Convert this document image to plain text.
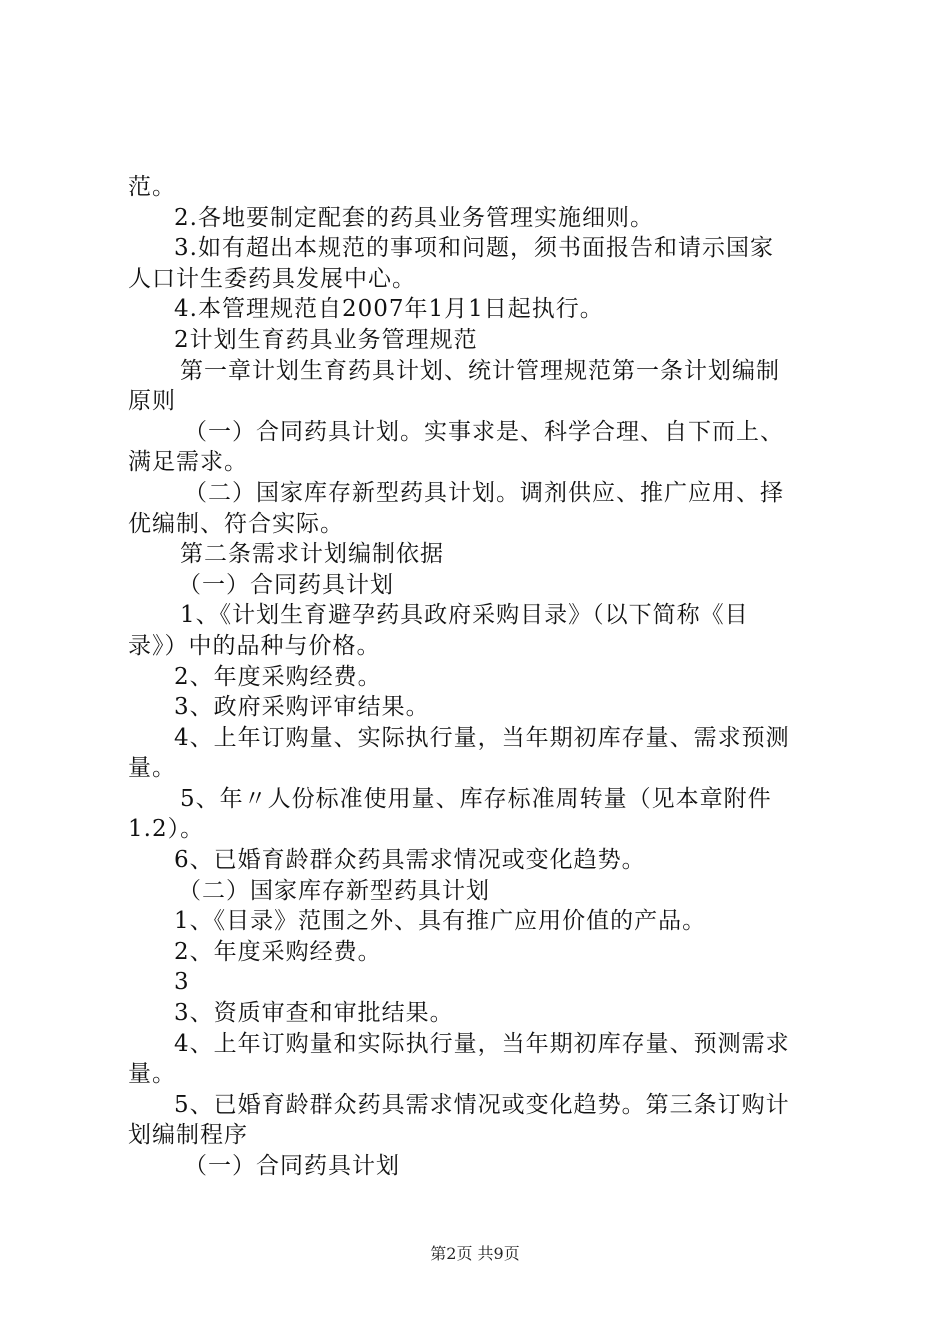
范。
2.各地要制定配套的药具业务管理实施细则。
3.如有超出本规范的事项和问题，须书面报告和请示国家
人口计生委药具发展中心。
4.本管理规范自2007年1月1日起执行。
2计划生育药具业务管理规范
第一章计划生育药具计划、统计管理规范第一条计划编制
原则
（一）合同药具计划。实事求是、科学合理、自下而上、
满足需求。
（二）国家库存新型药具计划。调剂供应、推广应用、择
优编制、符合实际。
第二条需求计划编制依据
（一）合同药具计划
1、《计划生育避孕药具政府采购目录》（以下简称《目
录》）中的品种与价格。
2、年度采购经费。
3、政府采购评审结果。
4、上年订购量、实际执行量，当年期初库存量、需求预测
量。
5、年〃人份标准使用量、库存标准周转量（见本章附件
1.2）。
6、已婚育龄群众药具需求情况或变化趋势。
（二）国家库存新型药具计划
1、《目录》范围之外、具有推广应用价值的产品。
2、年度采购经费。
3
3、资质审查和审批结果。
4、上年订购量和实际执行量，当年期初库存量、预测需求
量。
5、已婚育龄群众药具需求情况或变化趋势。第三条订购计
划编制程序
（一）合同药具计划
第2页 共9页
